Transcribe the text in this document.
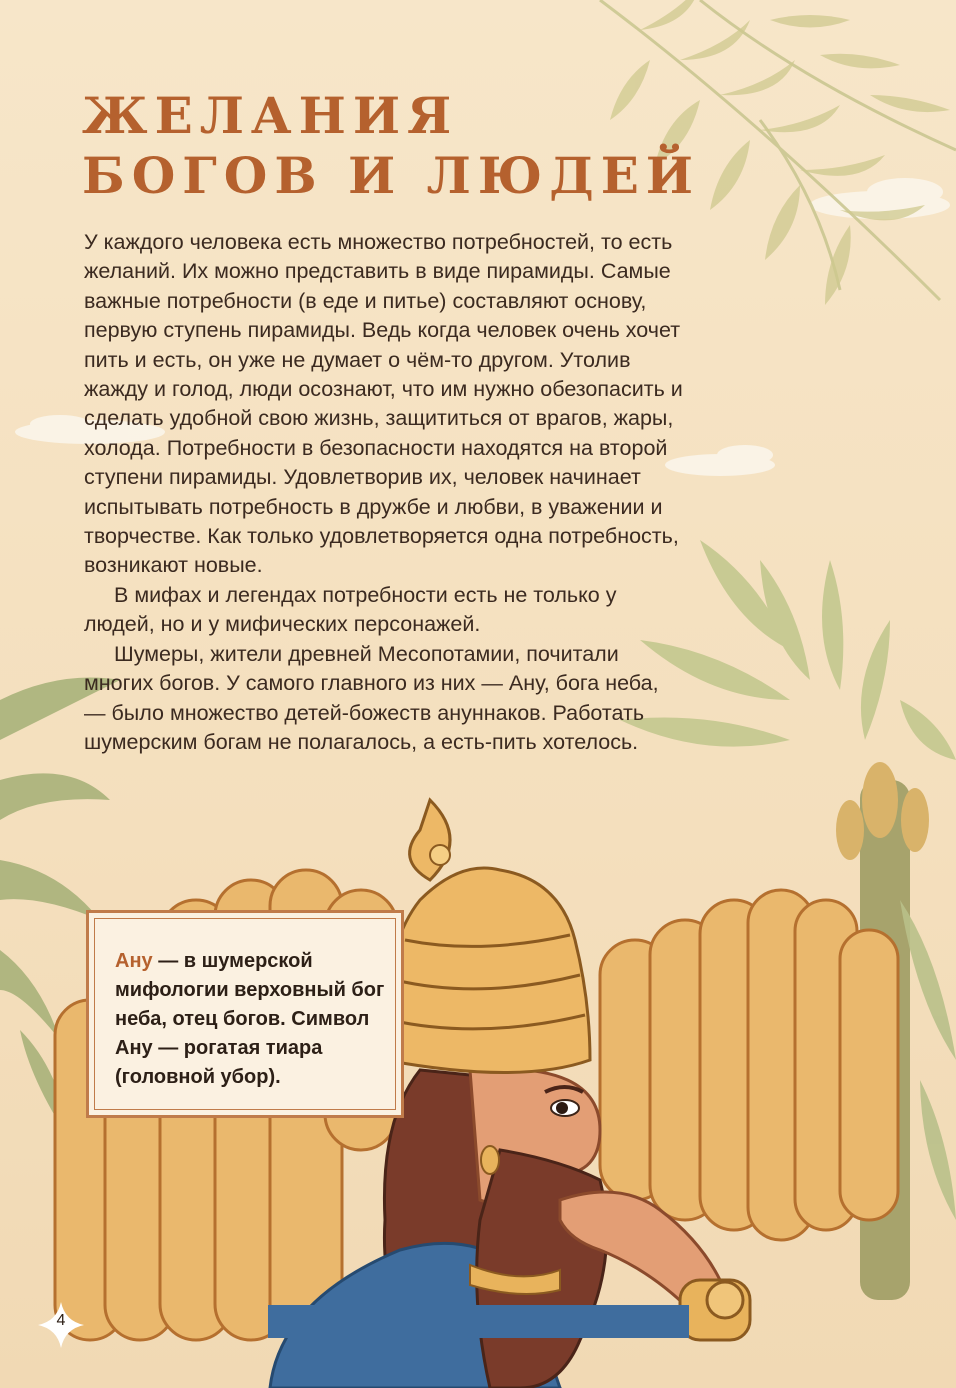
ЖЕЛАНИЯ
БОГОВ И ЛЮДЕЙ

У каждого человека есть множество потребностей, то есть желаний. Их можно представить в виде пирамиды. Самые важные потребности (в еде и питье) составляют основу, первую ступень пирамиды. Ведь когда человек очень хочет пить и есть, он уже не думает о чём-то другом. Утолив жажду и голод, люди осознают, что им нужно обезопасить и сделать удобной свою жизнь, защититься от врагов, жары, холода. Потребности в безопасности находятся на второй ступени пирамиды. Удовлетворив их, человек начинает испытывать потребность в дружбе и любви, в уважении и творчестве. Как только удовлетворяется одна потребность, возникают новые.

В мифах и легендах потребности есть не только у людей, но и у мифических персонажей.

Шумеры, жители древней Месопотамии, почитали многих богов. У самого главного из них — Ану, бога неба, — было множество детей-божеств ануннаков. Работать шумерским богам не полагалось, а есть-пить хотелось.

Ану — в шумерской мифологии верховный бог неба, отец богов. Символ Ану — рогатая тиара (головной убор).

4
